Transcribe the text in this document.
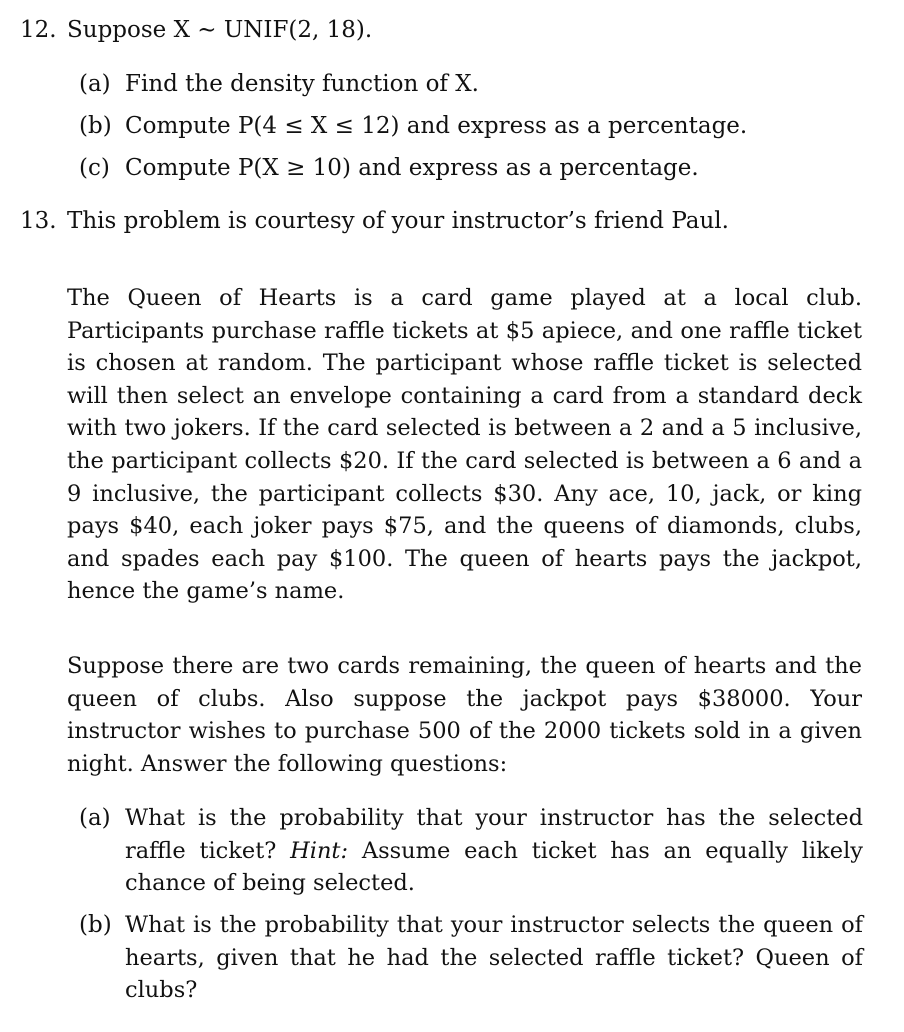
12. Suppose X ∼ UNIF(2, 18).
(a) Find the density function of X.
(b) Compute P(4 ≤ X ≤ 12) and express as a percentage.
(c) Compute P(X ≥ 10) and express as a percentage.
13. This problem is courtesy of your instructor’s friend Paul.
The Queen of Hearts is a card game played at a local club. Participants purchase raffle tickets at $5 apiece, and one raffle ticket is chosen at random. The participant whose raffle ticket is selected will then select an envelope containing a card from a standard deck with two jokers. If the card selected is between a 2 and a 5 inclusive, the participant collects $20. If the card selected is between a 6 and a 9 inclusive, the participant collects $30. Any ace, 10, jack, or king pays $40, each joker pays $75, and the queens of diamonds, clubs, and spades each pay $100. The queen of hearts pays the jackpot, hence the game’s name.
Suppose there are two cards remaining, the queen of hearts and the queen of clubs. Also suppose the jackpot pays $38000. Your instructor wishes to purchase 500 of the 2000 tickets sold in a given night. Answer the following questions:
(a) What is the probability that your instructor has the selected raffle ticket? Hint: Assume each ticket has an equally likely chance of being selected.
(b) What is the probability that your instructor selects the queen of hearts, given that he had the selected raffle ticket? Queen of clubs?
